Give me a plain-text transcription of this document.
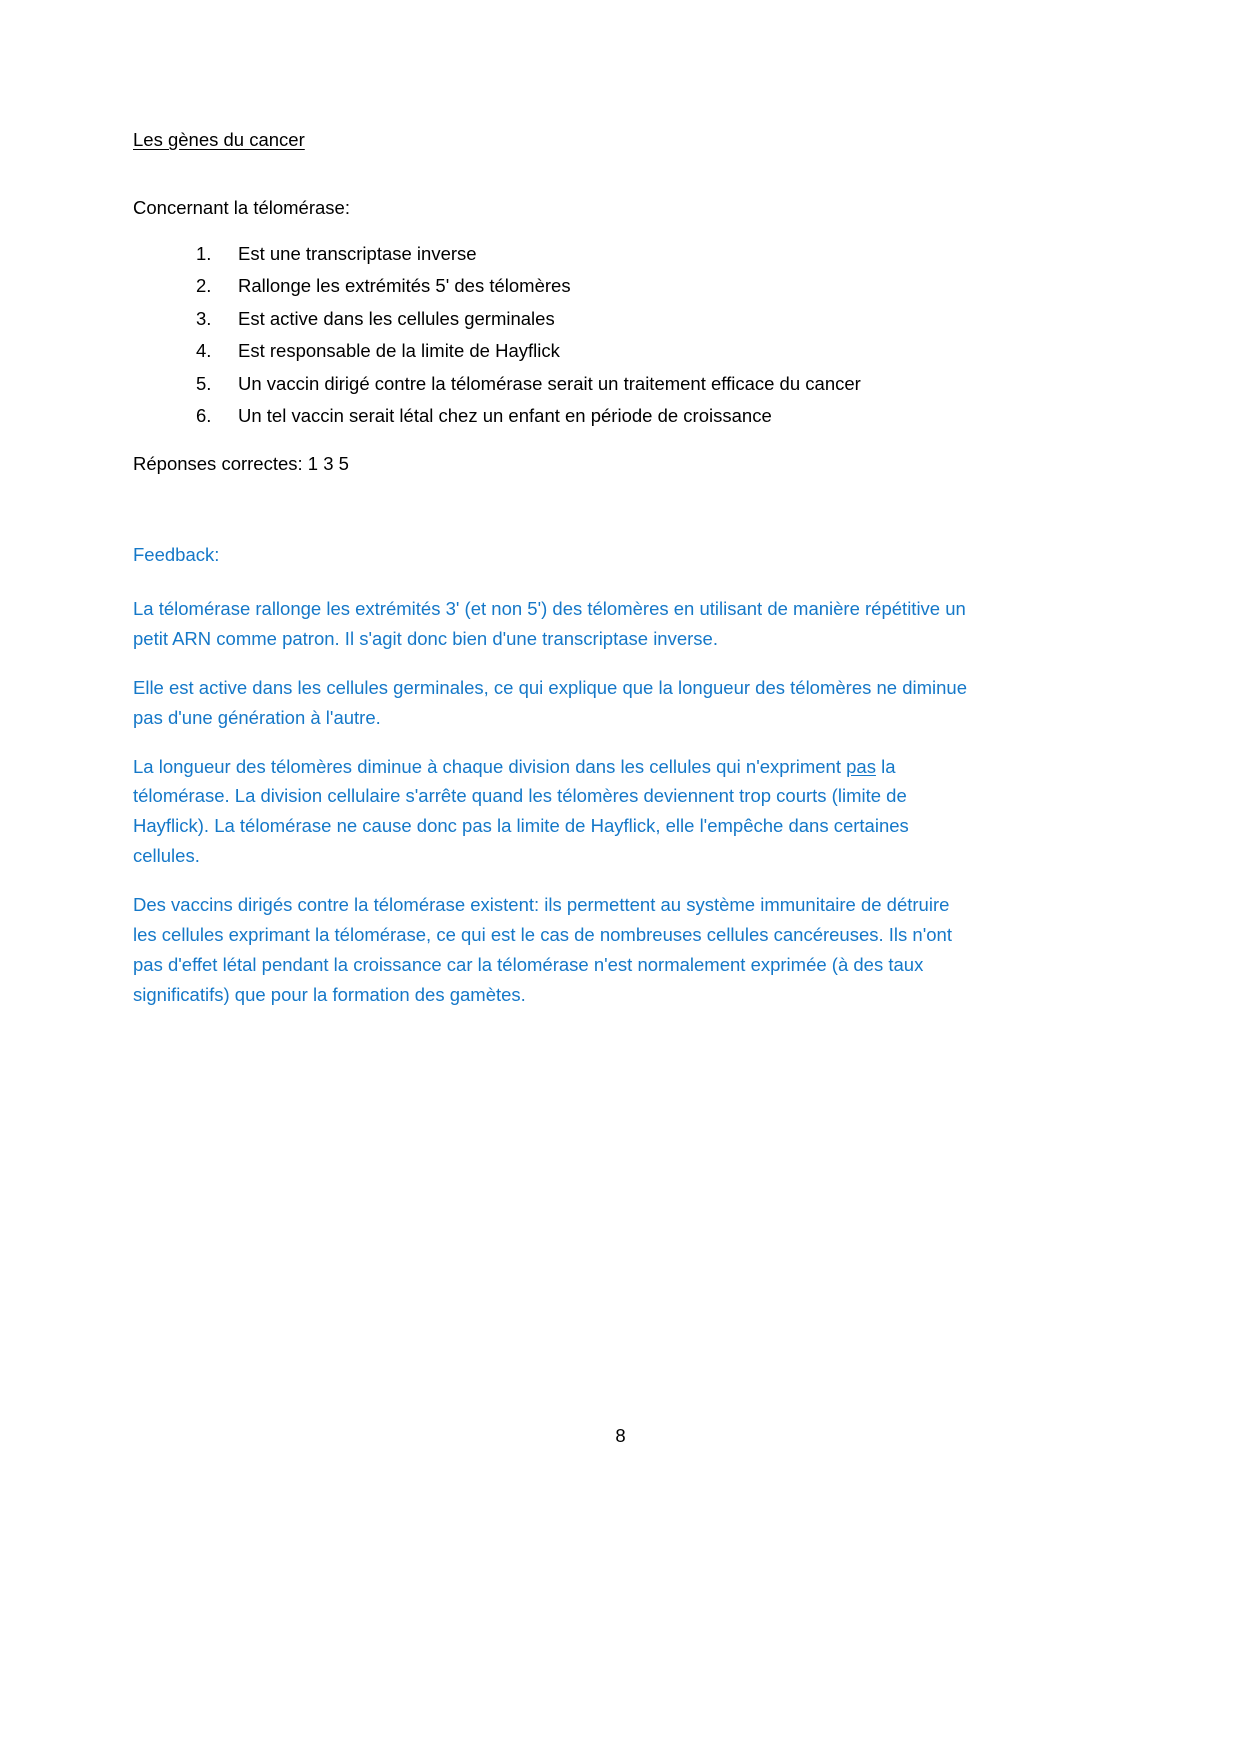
Les gènes du cancer

Concernant la télomérase:

Est une transcriptase inverse
Rallonge les extrémités 5' des télomères
Est active dans les cellules germinales
Est responsable de la limite de Hayflick
Un vaccin dirigé contre la télomérase serait un traitement efficace du cancer
Un tel vaccin serait létal chez un enfant en période de croissance

Réponses correctes: 1 3 5

Feedback:

La télomérase rallonge les extrémités 3' (et non 5') des télomères en utilisant de manière répétitive un petit ARN comme patron. Il s'agit donc bien d'une transcriptase inverse.

Elle est active dans les cellules germinales, ce qui explique que la longueur des télomères ne diminue pas d'une génération à l'autre.

La longueur des télomères diminue à chaque division dans les cellules qui n'expriment pas la télomérase. La division cellulaire s'arrête quand les télomères deviennent trop courts (limite de Hayflick). La télomérase ne cause donc pas la limite de Hayflick, elle l'empêche dans certaines cellules.

Des vaccins dirigés contre la télomérase existent: ils permettent au système immunitaire de détruire les cellules exprimant la télomérase, ce qui est le cas de nombreuses cellules cancéreuses. Ils n'ont pas d'effet létal pendant la croissance car la télomérase n'est normalement exprimée (à des taux significatifs) que pour la formation des gamètes.

8
